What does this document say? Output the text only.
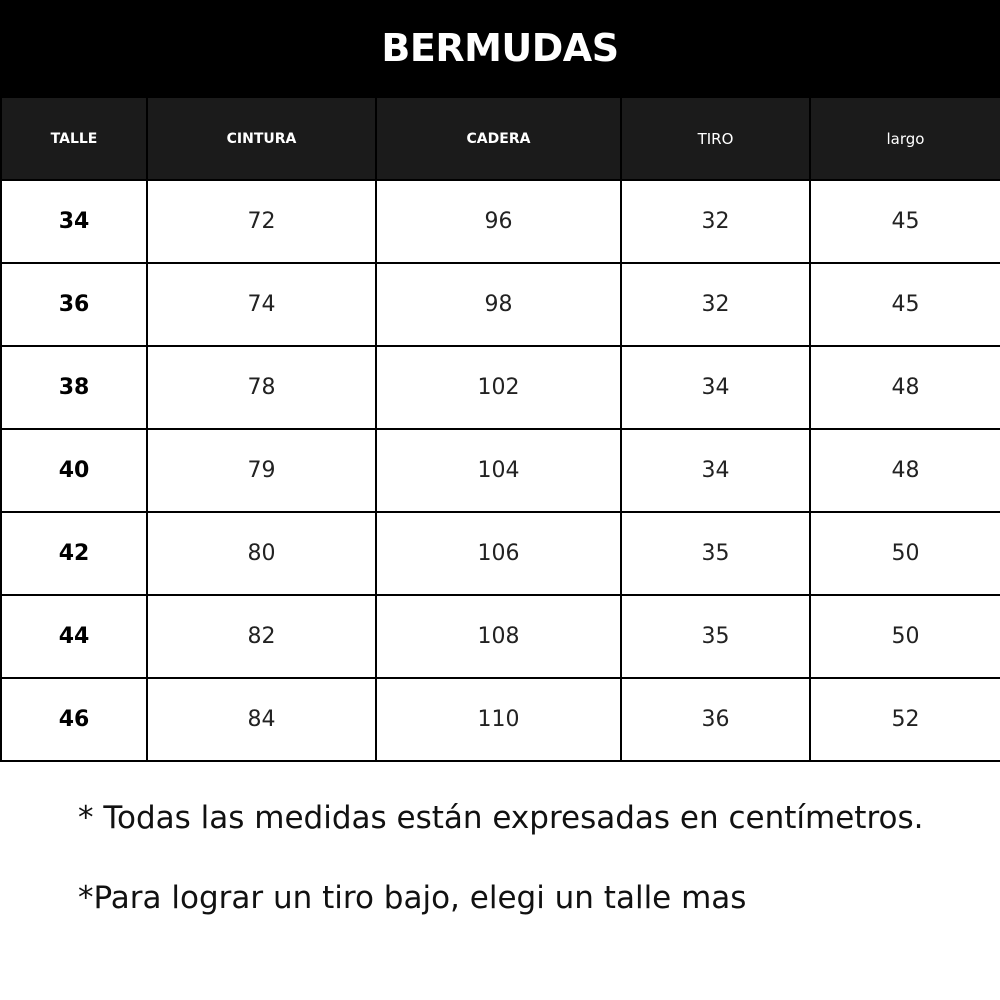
BERMUDAS
TALLE	CINTURA	CADERA	TIRO	largo
34	72	96	32	45
36	74	98	32	45
38	78	102	34	48
40	79	104	34	48
42	80	106	35	50
44	82	108	35	50
46	84	110	36	52

* Todas las medidas están expresadas en centímetros.

*Para lograr un tiro bajo, elegi un talle mas
